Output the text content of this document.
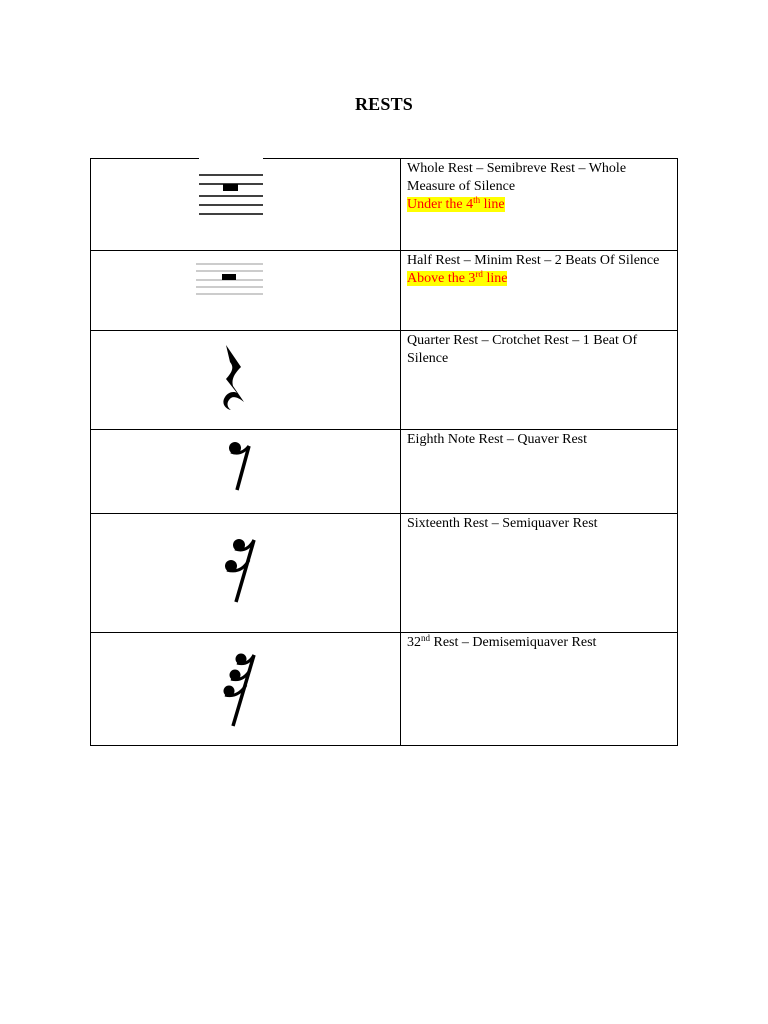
RESTS
	Whole Rest – Semibreve Rest – Whole Measure of Silence
Under the 4th line

	Half Rest – Minim Rest – 2 Beats Of Silence
Above the 3rd line

	Quarter Rest – Crotchet Rest – 1 Beat Of Silence

	Eighth Note Rest – Quaver Rest

	Sixteenth Rest – Semiquaver Rest

	32nd Rest – Demisemiquaver Rest
